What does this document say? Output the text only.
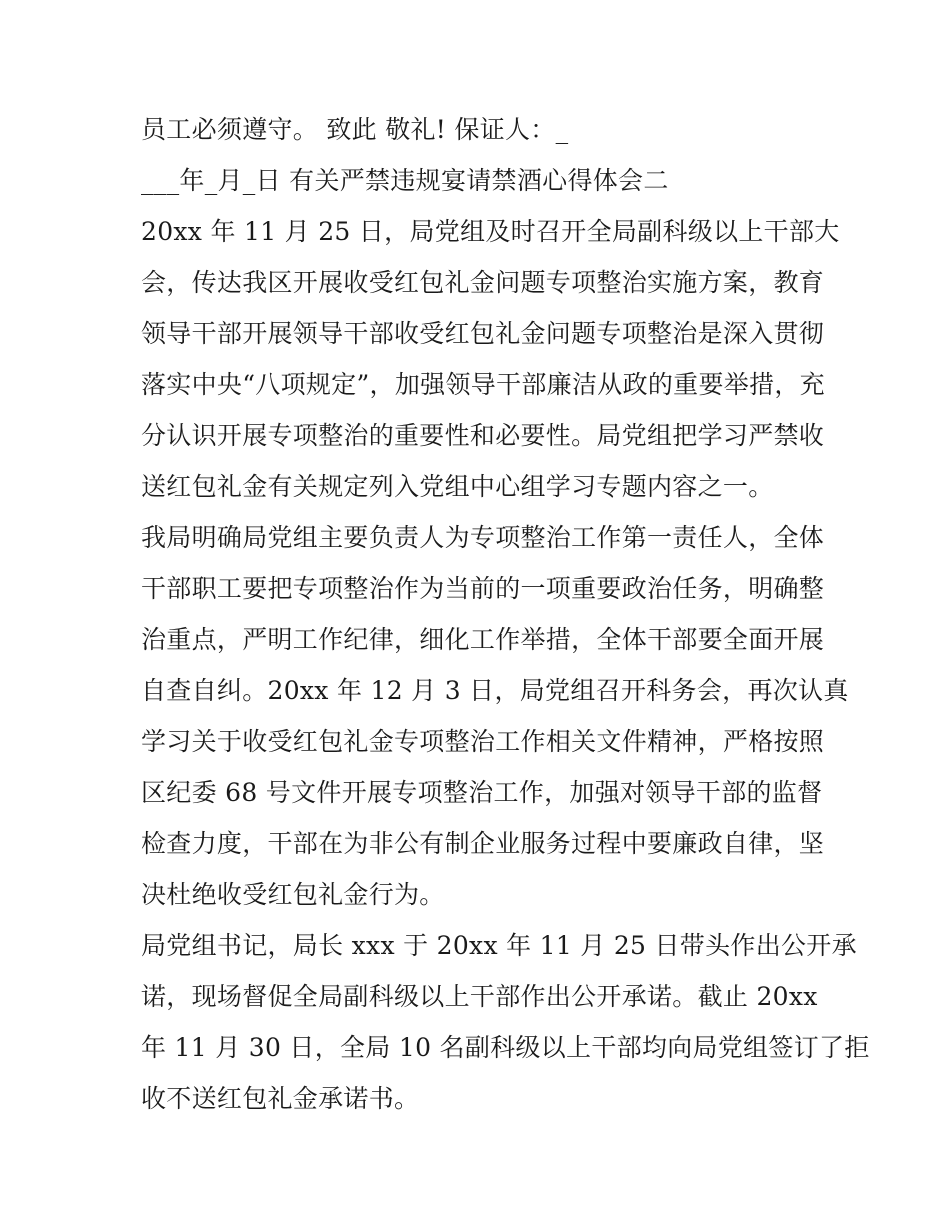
员工必须遵守。 致此 敬礼! 保证人：_
___年_月_日 有关严禁违规宴请禁酒心得体会二
20xx 年 11 月 25 日，局党组及时召开全局副科级以上干部大
会，传达我区开展收受红包礼金问题专项整治实施方案，教育
领导干部开展领导干部收受红包礼金问题专项整治是深入贯彻
落实中央“八项规定”，加强领导干部廉洁从政的重要举措，充
分认识开展专项整治的重要性和必要性。局党组把学习严禁收
送红包礼金有关规定列入党组中心组学习专题内容之一。
我局明确局党组主要负责人为专项整治工作第一责任人，全体
干部职工要把专项整治作为当前的一项重要政治任务，明确整
治重点，严明工作纪律，细化工作举措，全体干部要全面开展
自查自纠。20xx 年 12 月 3 日，局党组召开科务会，再次认真
学习关于收受红包礼金专项整治工作相关文件精神，严格按照
区纪委 68 号文件开展专项整治工作，加强对领导干部的监督
检查力度，干部在为非公有制企业服务过程中要廉政自律，坚
决杜绝收受红包礼金行为。
局党组书记，局长 xxx 于 20xx 年 11 月 25 日带头作出公开承
诺，现场督促全局副科级以上干部作出公开承诺。截止 20xx
年 11 月 30 日，全局 10 名副科级以上干部均向局党组签订了拒
收不送红包礼金承诺书。
